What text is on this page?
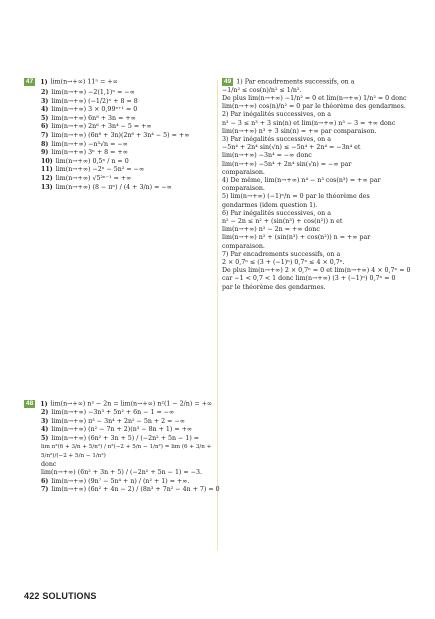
47 1) lim(n→+∞) 11ⁿ = +∞
2) lim(n→+∞) −2(1,1)ⁿ = −∞
3) lim(n→+∞) (−1/2)ⁿ + 8 = 8
4) lim(n→+∞) 3 × 0,99ⁿ⁺¹ = 0
5) lim(n→+∞) 6n⁸ + 3n = +∞
6) lim(n→+∞) 2n⁶ + 3n⁴ − 5 = +∞
7) lim(n→+∞) (6n⁸ + 3n)(2n⁶ + 3n⁴ − 5) = +∞
8) lim(n→+∞) −n³√n = −∞
9) lim(n→+∞) 3ⁿ + 8 = +∞
10) lim(n→+∞) 0,5ⁿ / n = 0
11) lim(n→+∞) −2ⁿ − 5n² = −∞
12) lim(n→+∞) √5²ⁿ⁻¹ = +∞
13) lim(n→+∞) (8 − πⁿ) / (4 + 3/n) = −∞
48 1) lim(n→+∞) n² − 2n = lim(n→+∞) n²(1 − 2/n) = +∞
2) lim(n→+∞) −3n³ + 5n² + 6n − 1 = −∞
3) lim(n→+∞) π³ − 3n⁴ + 2n² − 5n + 2 = −∞
4) lim(n→+∞) (n² − 7n + 2)(n³ − 8n + 1) = +∞
5) lim(n→+∞) (6n² + 3n + 5) / (−2n² + 5n − 1) =
lim n²(6 + 3/n + 5/n²) / n²(−2 + 5/n − 1/n²) = lim (6 + 3/n + 5/n²)/(−2 + 5/n − 1/n²)
donc
lim(n→+∞) (6n² + 3n + 5) / (−2n² + 5n − 1) = −3.
6) lim(n→+∞) (9n⁷ − 5n⁴ + n) / (n² + 1) = +∞.
7) lim(n→+∞) (6n² + 4n − 2) / (8n³ + 7n² − 4n + 7) = 0
49 1) Par encadrements successifs, on a
−1/n² ≤ cos(n)/n² ≤ 1/n².
De plus lim(n→+∞) −1/n² = 0 et lim(n→+∞) 1/n² = 0 donc
lim(n→+∞) cos(n)/n² = 0 par le théorème des gendarmes.
2) Par inégalités successives, on a
n³ − 3 ≤ n³ + 3 sin(n) et lim(n→+∞) n³ − 3 = +∞ donc
lim(n→+∞) n³ + 3 sin(n) = +∞ par comparaison.
3) Par inégalités successives, on a
−5n⁴ + 2n⁴ sin(√n) ≤ −5n⁴ + 2n⁴ = −3n⁴ et
lim(n→+∞) −3n⁴ = −∞ donc
lim(n→+∞) −5n⁴ + 2n⁴ sin(√n) = −∞ par
comparaison.
4) De même, lim(n→+∞) n⁴ − n³ cos(n³) = +∞ par
comparaison.
5) lim(n→+∞) (−1)ⁿ/n = 0 par le théorème des
gendarmes (idem question 1).
6) Par inégalités successives, on a
n² − 2n ≤ n² + (sin(n³) + cos(n²)) n et
lim(n→+∞) n² − 2n = +∞ donc
lim(n→+∞) n² + (sin(n³) + cos(n²)) n = +∞ par
comparaison.
7) Par encadrements successifs, on a
2 × 0,7ⁿ ≤ (3 + (−1)ⁿ) 0,7ⁿ ≤ 4 × 0,7ⁿ.
De plus lim(n→+∞) 2 × 0,7ⁿ = 0 et lim(n→+∞) 4 × 0,7ⁿ = 0
car −1 < 0,7 < 1 donc lim(n→+∞) (3 + (−1)ⁿ) 0,7ⁿ = 0
par le théorème des gendarmes.
422 SOLUTIONS
